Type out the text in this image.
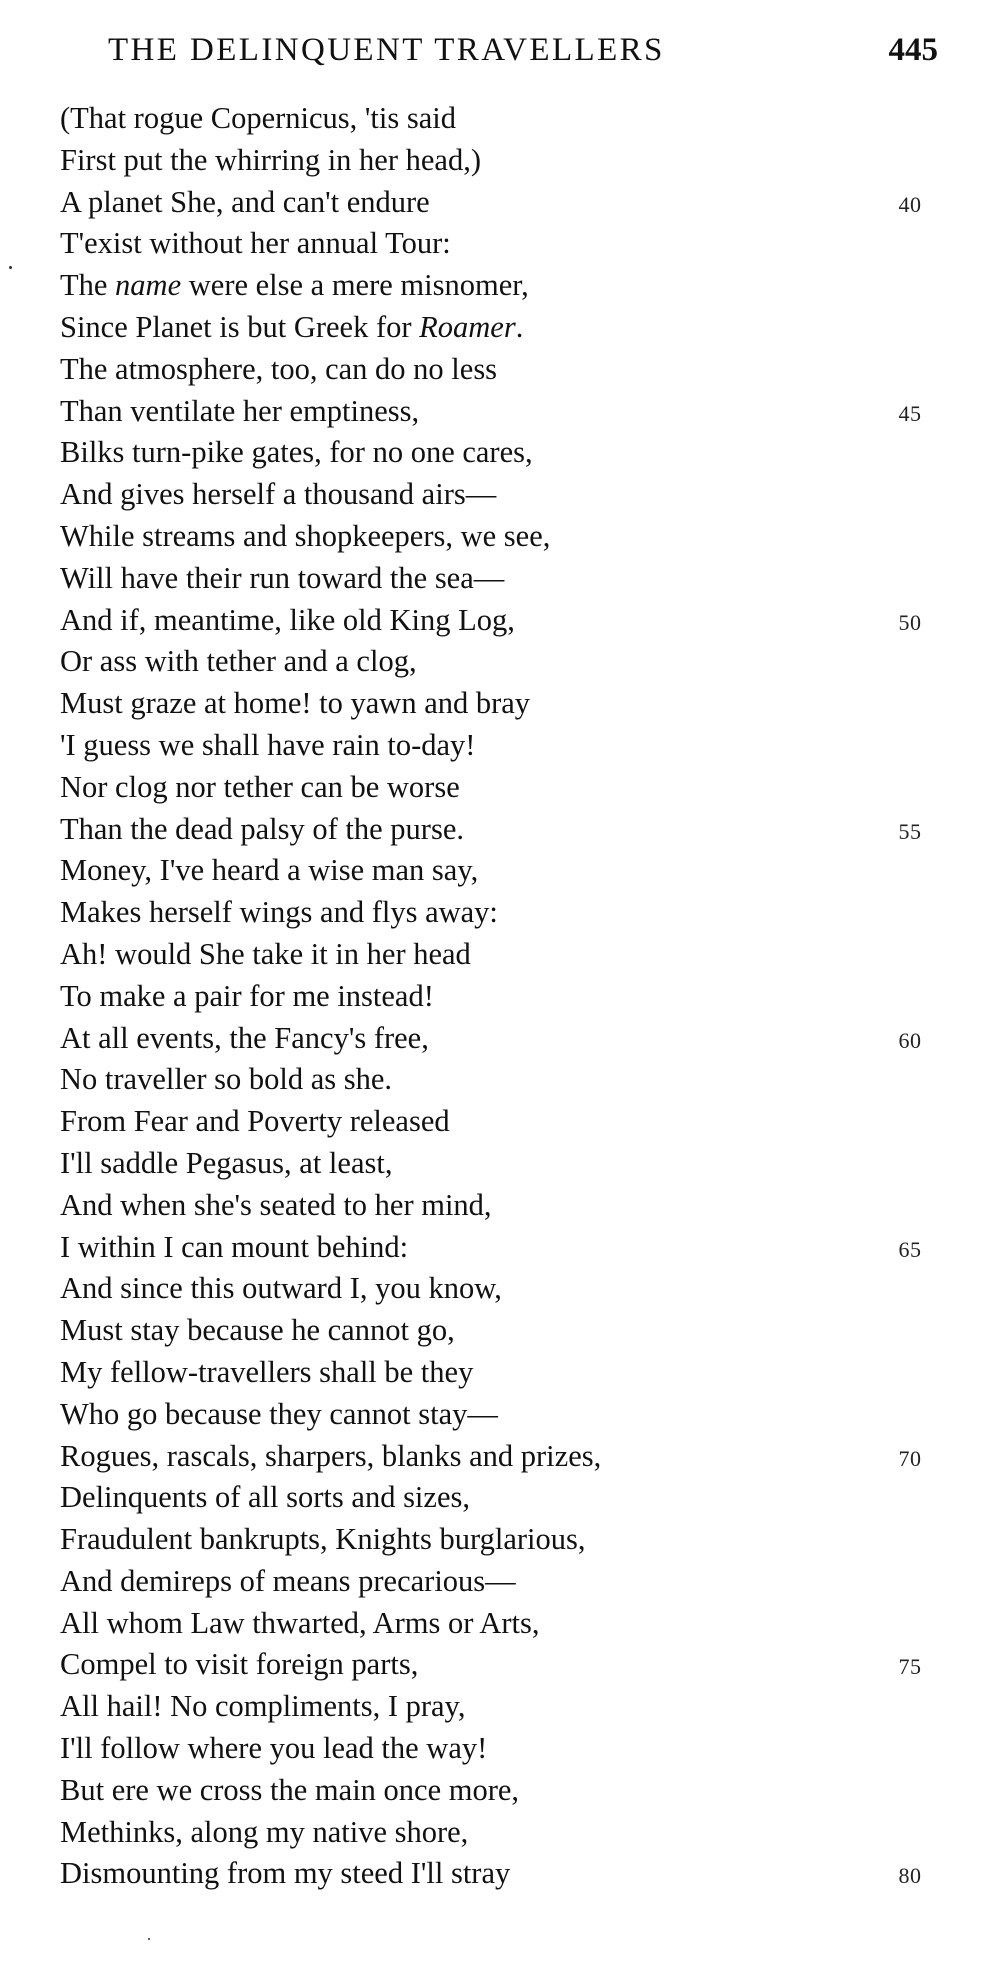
THE DELINQUENT TRAVELLERS	445
(That rogue Copernicus, 'tis said
First put the whirring in her head,)
A planet She, and can't endure	40
T'exist without her annual Tour:
The name were else a mere misnomer,
Since Planet is but Greek for Roamer.
The atmosphere, too, can do no less
Than ventilate her emptiness,	45
Bilks turn-pike gates, for no one cares,
And gives herself a thousand airs—
While streams and shopkeepers, we see,
Will have their run toward the sea—
And if, meantime, like old King Log,	50
Or ass with tether and a clog,
Must graze at home! to yawn and bray
'I guess we shall have rain to-day!
Nor clog nor tether can be worse
Than the dead palsy of the purse.	55
Money, I've heard a wise man say,
Makes herself wings and flys away:
Ah! would She take it in her head
To make a pair for me instead!
At all events, the Fancy's free,	60
No traveller so bold as she.
From Fear and Poverty released
I'll saddle Pegasus, at least,
And when she's seated to her mind,
I within I can mount behind:	65
And since this outward I, you know,
Must stay because he cannot go,
My fellow-travellers shall be they
Who go because they cannot stay—
Rogues, rascals, sharpers, blanks and prizes,	70
Delinquents of all sorts and sizes,
Fraudulent bankrupts, Knights burglarious,
And demireps of means precarious—
All whom Law thwarted, Arms or Arts,
Compel to visit foreign parts,	75
All hail! No compliments, I pray,
I'll follow where you lead the way!
But ere we cross the main once more,
Methinks, along my native shore,
Dismounting from my steed I'll stray	80
